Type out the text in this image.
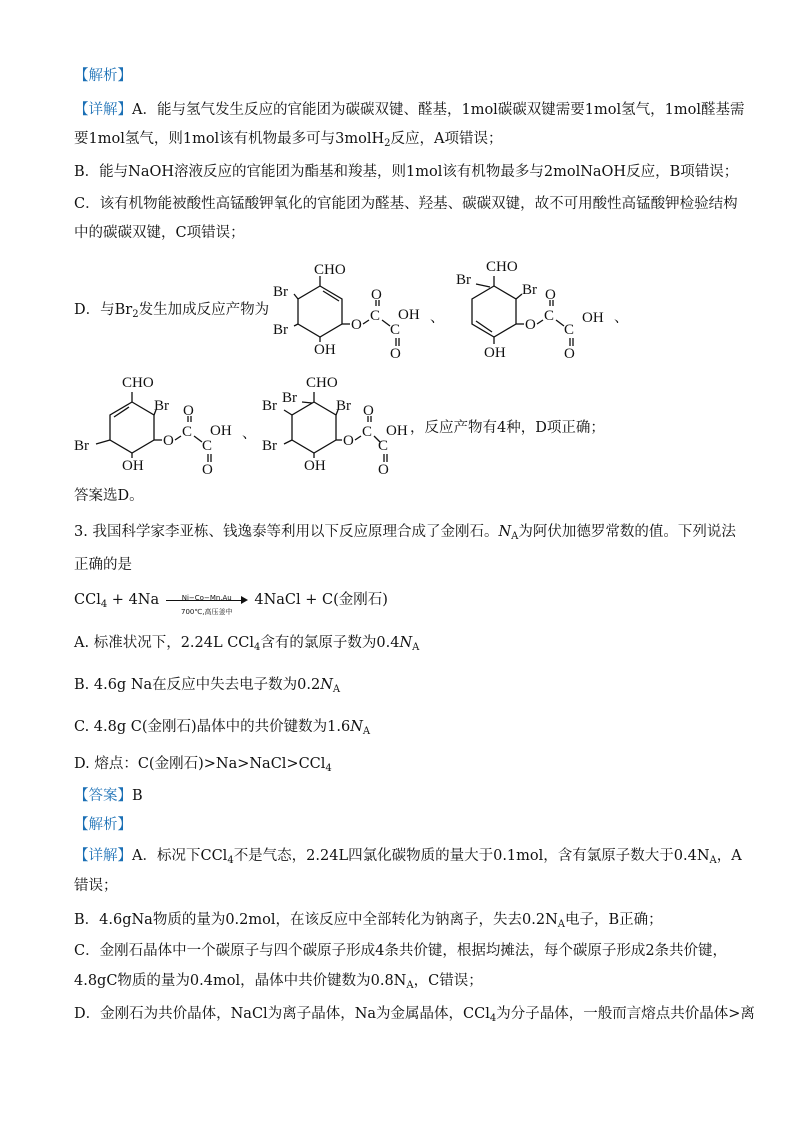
【解析】
【详解】A．能与氢气发生反应的官能团为碳碳双键、醛基，1mol碳碳双键需要1mol氢气，1mol醛基需
要1mol氢气，则1mol该有机物最多可与3molH$_2$反应，A项错误；
B．能与NaOH溶液反应的官能团为酯基和羧基，则1mol该有机物最多与2molNaOH反应，B项错误；
C．该有机物能被酸性高锰酸钾氧化的官能团为醛基、羟基、碳碳双键，故不可用酸性高锰酸钾检验结构
中的碳碳双键，C项错误；
D．与$Br_2$发生加成反应产物为
CHO
Br
Br
OH
O
C
O
C
OH
O
、
CHO
Br
Br
OH
O
C
O
C
OH
O
、
CHO
Br
Br
OH
O
C
O
C
OH
O
、
CHO
Br
Br	Br
Br
OH
O
C
O
C
OH
O
，反应产物有4种，D项正确；
答案选D。
3. 我国科学家李亚栋、钱逸泰等利用以下反应原理合成了金刚石。$N_A$为阿伏加德罗常数的值。下列说法
正确的是
CCl$_4$ + 4Na	Ni−Co−Mn,Au
700℃,高压釜中
4NaCl + C(金刚石)
A. 标准状况下，2.24L CCl$_4$含有的氯原子数为$0.4N_A$
B. 4.6g Na在反应中失去电子数为$0.2N_A$
C. 4.8g C(金刚石)晶体中的共价键数为$1.6N_A$
D. 熔点：C(金刚石)>Na>NaCl>CCl$_4$
【答案】B
【解析】
【详解】A．标况下CCl$_4$不是气态，2.24L四氯化碳物质的量大于0.1mol，含有氯原子数大于$0.4N_A$，A
错误；
B．4.6gNa物质的量为0.2mol，在该反应中全部转化为钠离子，失去$0.2N_A$电子，B正确；
C．金刚石晶体中一个碳原子与四个碳原子形成4条共价键，根据均摊法，每个碳原子形成2条共价键，
4.8gC物质的量为0.4mol，晶体中共价键数为$0.8N_A$，C错误；
D．金刚石为共价晶体，NaCl为离子晶体，Na为金属晶体，CCl$_4$为分子晶体，一般而言熔点共价晶体>离
